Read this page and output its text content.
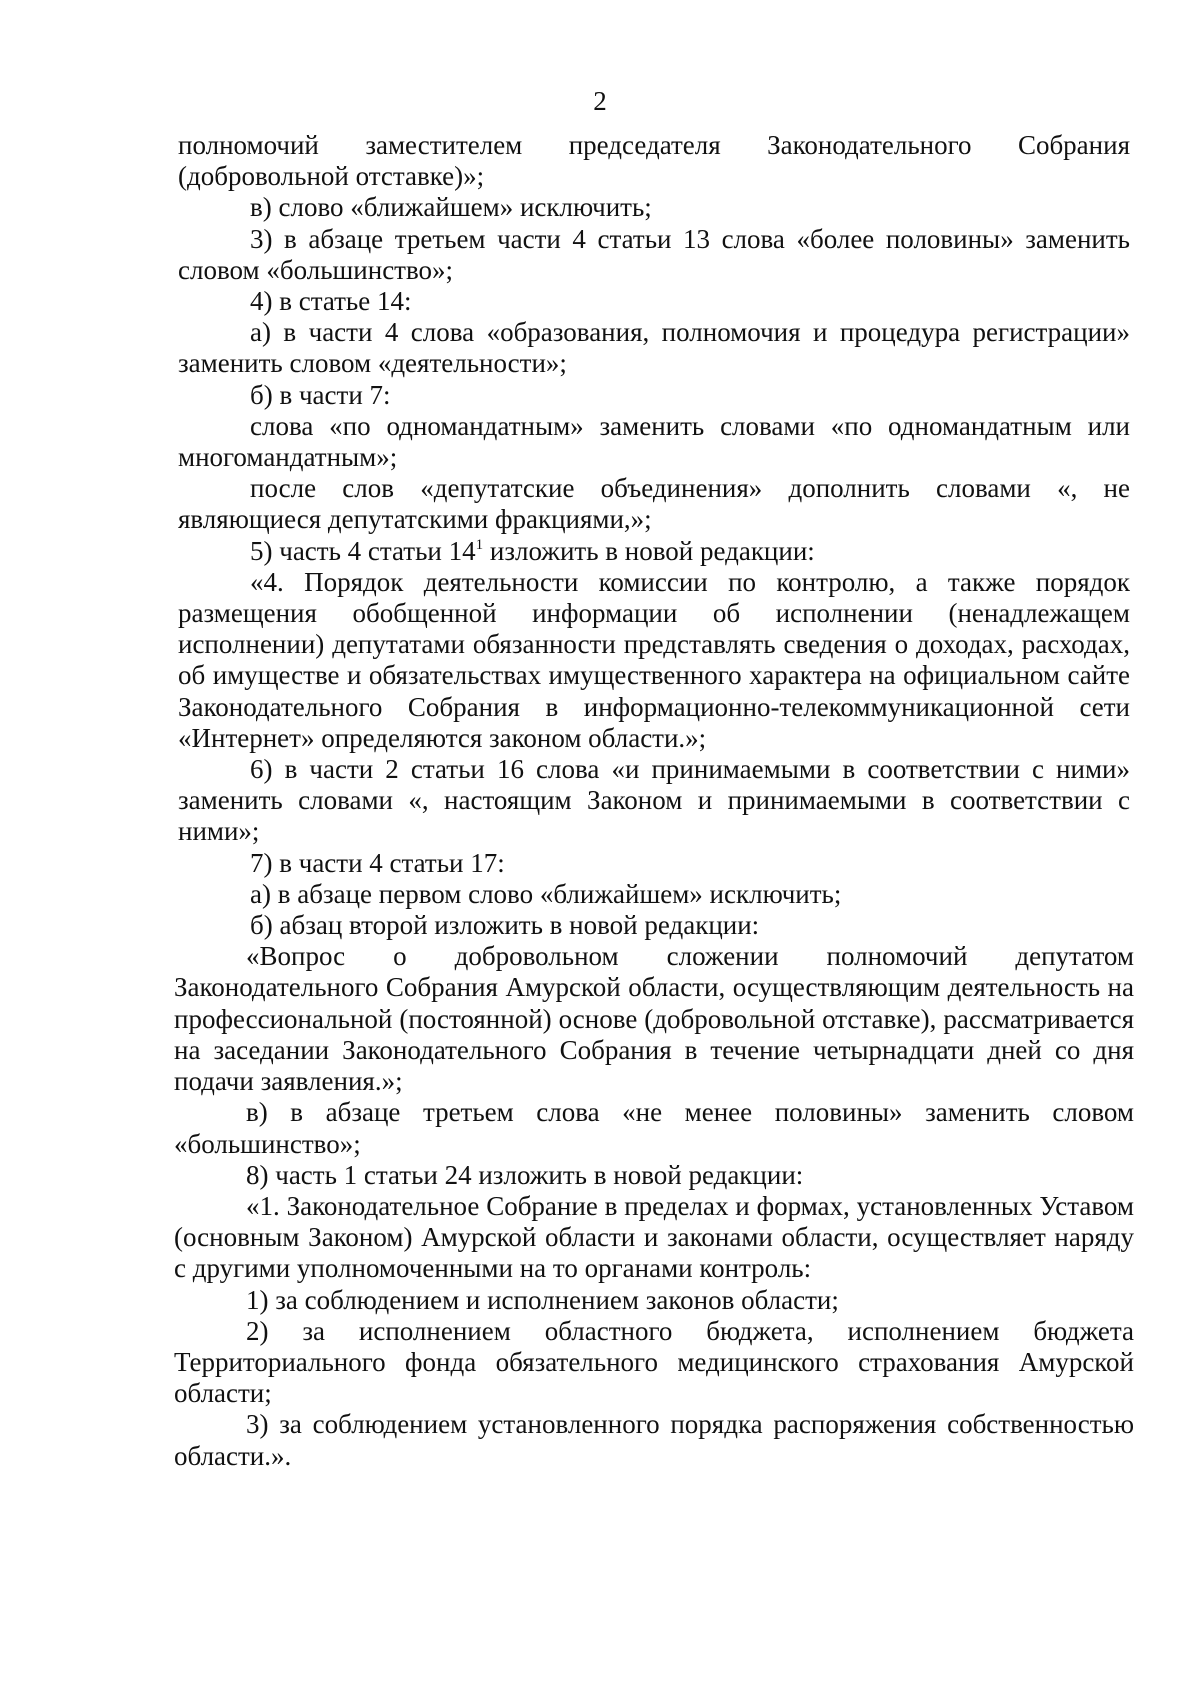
2

полномочий заместителем председателя Законодательного Собрания (добровольной отставке)»;

в) слово «ближайшем» исключить;

3) в абзаце третьем части 4 статьи 13 слова «более половины» заменить словом «большинство»;

4) в статье 14:

а) в части 4 слова «образования, полномочия и процедура регистрации» заменить словом «деятельности»;

б) в части 7:

слова «по одномандатным» заменить словами «по одномандатным или многомандатным»;

после слов «депутатские объединения» дополнить словами «, не являющиеся депутатскими фракциями,»;

5) часть 4 статьи $14^1$ изложить в новой редакции:

«4. Порядок деятельности комиссии по контролю, а также порядок размещения обобщенной информации об исполнении (ненадлежащем исполнении) депутатами обязанности представлять сведения о доходах, расходах, об имуществе и обязательствах имущественного характера на официальном сайте Законодательного Собрания в информационно-телекоммуникационной сети «Интернет» определяются законом области.»;

6) в части 2 статьи 16 слова «и принимаемыми в соответствии с ними» заменить словами «, настоящим Законом и принимаемыми в соответствии с ними»;

7) в части 4 статьи 17:

а) в абзаце первом слово «ближайшем» исключить;

б) абзац второй изложить в новой редакции:

«Вопрос о добровольном сложении полномочий депутатом Законодательного Собрания Амурской области, осуществляющим деятельность на профессиональной (постоянной) основе (добровольной отставке), рассматривается на заседании Законодательного Собрания в течение четырнадцати дней со дня подачи заявления.»;

в) в абзаце третьем слова «не менее половины» заменить словом «большинство»;

8) часть 1 статьи 24 изложить в новой редакции:

«1. Законодательное Собрание в пределах и формах, установленных Уставом (основным Законом) Амурской области и законами области, осуществляет наряду с другими уполномоченными на то органами контроль:

1) за соблюдением и исполнением законов области;

2) за исполнением областного бюджета, исполнением бюджета Территориального фонда обязательного медицинского страхования Амурской области;

3) за соблюдением установленного порядка распоряжения собственностью области.».
